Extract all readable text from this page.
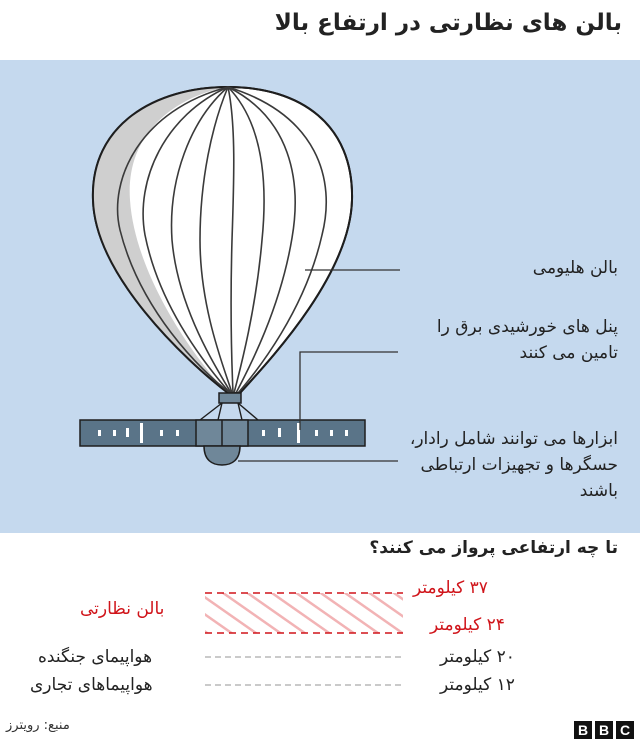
بالن های نظارتی در ارتفاع بالا
بالن هلیومی
پنل های خورشیدی برق را تامین می کنند
ابزارها می توانند شامل رادار، حسگرها و تجهیزات ارتباطی باشند
تا چه ارتفاعی پرواز می کنند؟
۳۷ کیلومتر
بالن نظارتی
۲۴ کیلومتر
هواپیمای جنگنده	۲۰ کیلومتر
هواپیماهای تجاری	۱۲ کیلومتر
منبع: رویترز	B B C
